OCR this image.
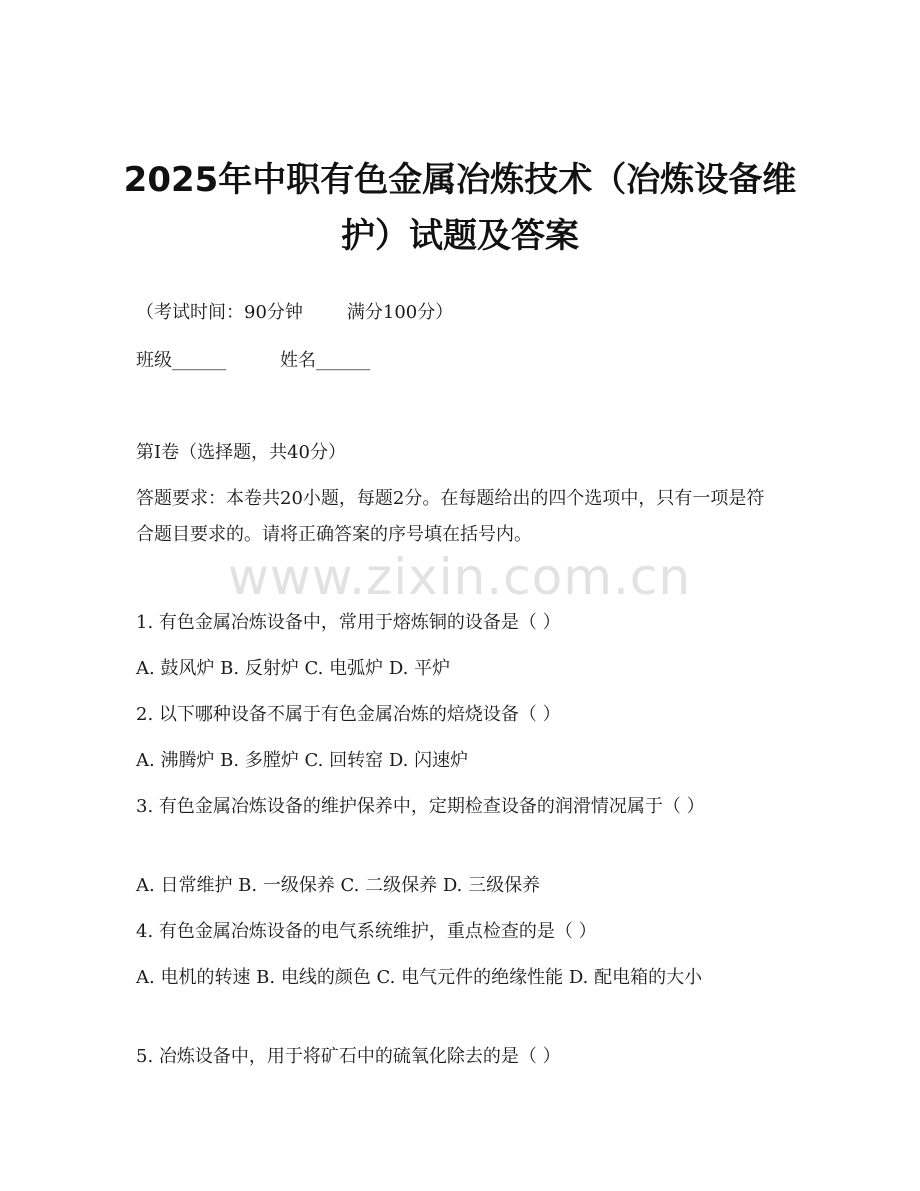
2025年中职有色金属冶炼技术（冶炼设备维
护）试题及答案
（考试时间：90分钟 满分100分）
班级______	姓名______
第I卷（选择题，共40分）
答题要求：本卷共20小题，每题2分。在每题给出的四个选项中，只有一项是符合题目要求的。请将正确答案的序号填在括号内。
www.zixin.com.cn
1. 有色金属冶炼设备中，常用于熔炼铜的设备是（ ）
A. 鼓风炉 B. 反射炉 C. 电弧炉 D. 平炉
2. 以下哪种设备不属于有色金属冶炼的焙烧设备（ ）
A. 沸腾炉 B. 多膛炉 C. 回转窑 D. 闪速炉
3. 有色金属冶炼设备的维护保养中，定期检查设备的润滑情况属于（ ）
A. 日常维护 B. 一级保养 C. 二级保养 D. 三级保养
4. 有色金属冶炼设备的电气系统维护，重点检查的是（ ）
A. 电机的转速 B. 电线的颜色 C. 电气元件的绝缘性能 D. 配电箱的大小
5. 冶炼设备中，用于将矿石中的硫氧化除去的是（ ）
